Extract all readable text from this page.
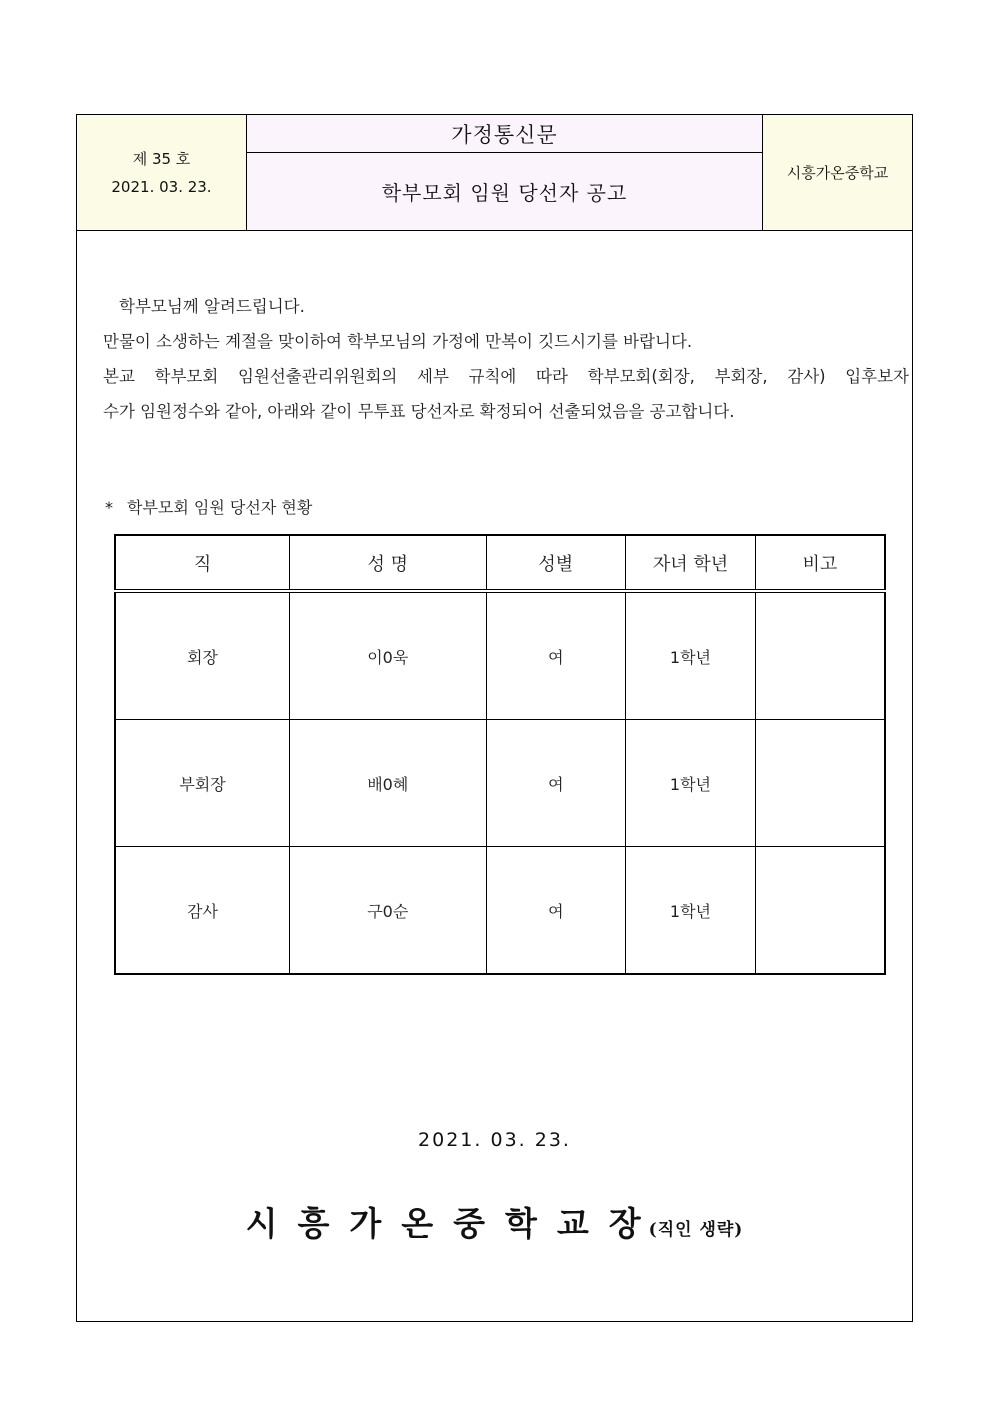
제 35 호
2021. 03. 23.
가정통신문
학부모회 임원 당선자 공고
시흥가온중학교

학부모님께 알려드립니다.

만물이 소생하는 계절을 맞이하여 학부모님의 가정에 만복이 깃드시기를 바랍니다.

본교 학부모회 임원선출관리위원회의 세부 규칙에 따라 학부모회(회장, 부회장, 감사) 입후보자

수가 임원정수와 같아, 아래와 같이 무투표 당선자로 확정되어 선출되었음을 공고합니다.

* 학부모회 임원 당선자 현황
직	성 명	성별	자녀 학년	비고
회장	이0욱	여	1학년	
부회장	배0혜	여	1학년	
감사	구0순	여	1학년	
2021. 03. 23.
시흥가온중학교장(직인 생략)
